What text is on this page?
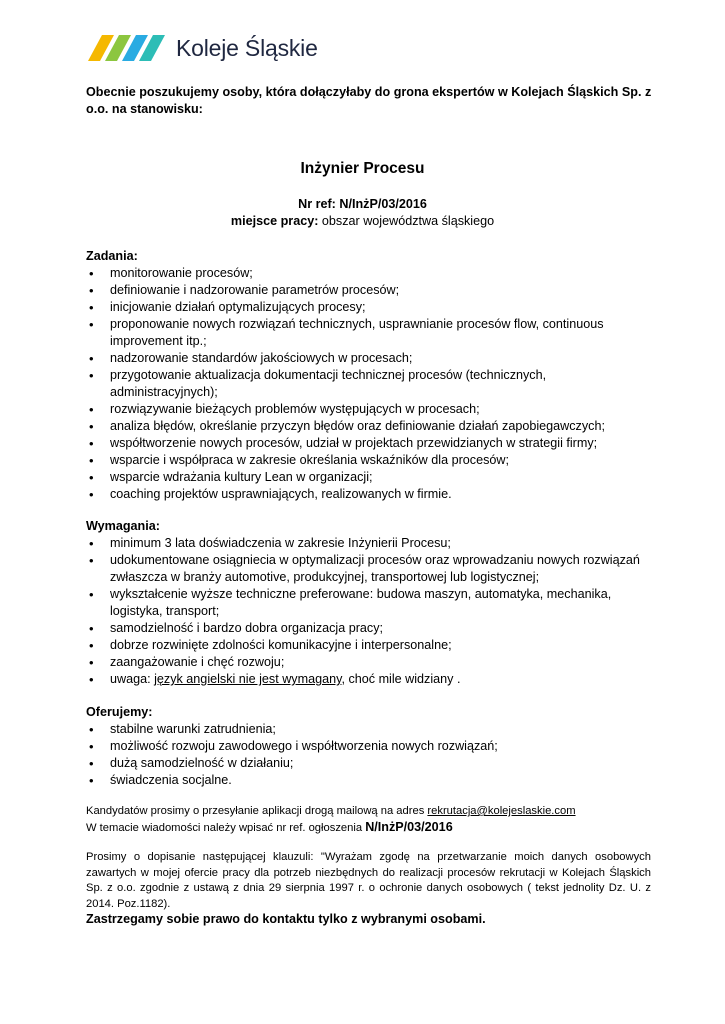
Koleje Śląskie
Obecnie poszukujemy osoby, która dołączyłaby do grona ekspertów w Kolejach Śląskich Sp. z o.o. na stanowisku:
Inżynier Procesu
Nr ref: N/InżP/03/2016
miejsce pracy: obszar województwa śląskiego
Zadania:
• monitorowanie procesów;
• definiowanie i nadzorowanie parametrów procesów;
• inicjowanie działań optymalizujących procesy;
• proponowanie nowych rozwiązań technicznych, usprawnianie procesów flow, continuous improvement itp.;
• nadzorowanie standardów jakościowych w procesach;
• przygotowanie aktualizacja dokumentacji technicznej procesów (technicznych, administracyjnych);
• rozwiązywanie bieżących problemów występujących w procesach;
• analiza błędów, określanie przyczyn błędów oraz definiowanie działań zapobiegawczych;
• współtworzenie nowych procesów, udział w projektach przewidzianych w strategii firmy;
• wsparcie i współpraca w zakresie określania wskaźników dla procesów;
• wsparcie wdrażania kultury Lean w organizacji;
• coaching projektów usprawniających, realizowanych w firmie.
Wymagania:
• minimum 3 lata doświadczenia w zakresie Inżynierii Procesu;
• udokumentowane osiągniecia w optymalizacji procesów oraz wprowadzaniu nowych rozwiązań zwłaszcza w branży automotive, produkcyjnej, transportowej lub logistycznej;
• wykształcenie wyższe techniczne preferowane: budowa maszyn, automatyka, mechanika, logistyka, transport;
• samodzielność i bardzo dobra organizacja pracy;
• dobrze rozwinięte zdolności komunikacyjne i interpersonalne;
• zaangażowanie i chęć rozwoju;
• uwaga: język angielski nie jest wymagany, choć mile widziany .
Oferujemy:
• stabilne warunki zatrudnienia;
• możliwość rozwoju zawodowego i współtworzenia nowych rozwiązań;
• dużą samodzielność w działaniu;
• świadczenia socjalne.
Kandydatów prosimy o przesyłanie aplikacji drogą mailową na adres rekrutacja@kolejeslaskie.com
W temacie wiadomości należy wpisać nr ref. ogłoszenia N/InżP/03/2016
Prosimy o dopisanie następującej klauzuli: "Wyrażam zgodę na przetwarzanie moich danych osobowych zawartych w mojej ofercie pracy dla potrzeb niezbędnych do realizacji procesów rekrutacji w Kolejach Śląskich Sp. z o.o. zgodnie z ustawą z dnia 29 sierpnia 1997 r. o ochronie danych osobowych ( tekst jednolity Dz. U. z 2014. Poz.1182).
Zastrzegamy sobie prawo do kontaktu tylko z wybranymi osobami.
